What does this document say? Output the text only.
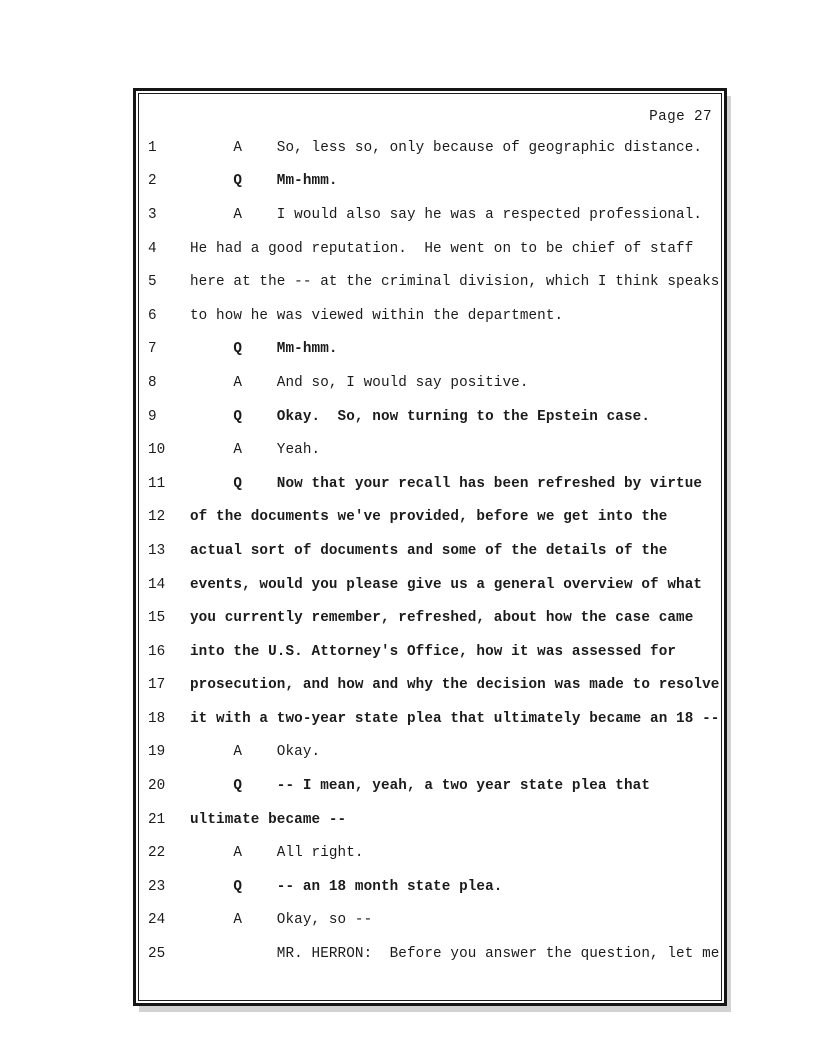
Page 27
1	A    So, less so, only because of geographic distance.
2	Q    Mm-hmm.
3	A    I would also say he was a respected professional.
4	He had a good reputation.  He went on to be chief of staff
5	here at the -- at the criminal division, which I think speaks
6	to how he was viewed within the department.
7	Q    Mm-hmm.
8	A    And so, I would say positive.
9	Q    Okay.  So, now turning to the Epstein case.
10	A    Yeah.
11	Q    Now that your recall has been refreshed by virtue
12	of the documents we've provided, before we get into the
13	actual sort of documents and some of the details of the
14	events, would you please give us a general overview of what
15	you currently remember, refreshed, about how the case came
16	into the U.S. Attorney's Office, how it was assessed for
17	prosecution, and how and why the decision was made to resolve
18	it with a two-year state plea that ultimately became an 18 --
19	A    Okay.
20	Q    -- I mean, yeah, a two year state plea that
21	ultimate became --
22	A    All right.
23	Q    -- an 18 month state plea.
24	A    Okay, so --
25	MR. HERRON:  Before you answer the question, let me
